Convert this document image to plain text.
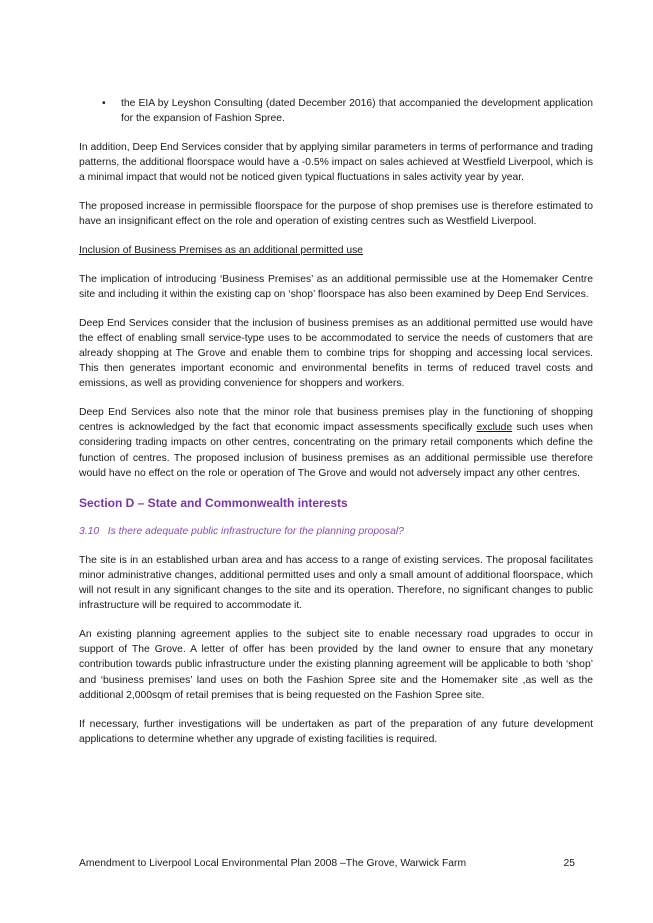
• the EIA by Leyshon Consulting (dated December 2016) that accompanied the development application for the expansion of Fashion Spree.

In addition, Deep End Services consider that by applying similar parameters in terms of performance and trading patterns, the additional floorspace would have a -0.5% impact on sales achieved at Westfield Liverpool, which is a minimal impact that would not be noticed given typical fluctuations in sales activity year by year.

The proposed increase in permissible floorspace for the purpose of shop premises use is therefore estimated to have an insignificant effect on the role and operation of existing centres such as Westfield Liverpool.

Inclusion of Business Premises as an additional permitted use

The implication of introducing ‘Business Premises’ as an additional permissible use at the Homemaker Centre site and including it within the existing cap on ‘shop’ floorspace has also been examined by Deep End Services.

Deep End Services consider that the inclusion of business premises as an additional permitted use would have the effect of enabling small service-type uses to be accommodated to service the needs of customers that are already shopping at The Grove and enable them to combine trips for shopping and accessing local services. This then generates important economic and environmental benefits in terms of reduced travel costs and emissions, as well as providing convenience for shoppers and workers.

Deep End Services also note that the minor role that business premises play in the functioning of shopping centres is acknowledged by the fact that economic impact assessments specifically exclude such uses when considering trading impacts on other centres, concentrating on the primary retail components which define the function of centres. The proposed inclusion of business premises as an additional permissible use therefore would have no effect on the role or operation of The Grove and would not adversely impact any other centres.

Section D – State and Commonwealth interests

3.10   Is there adequate public infrastructure for the planning proposal?

The site is in an established urban area and has access to a range of existing services. The proposal facilitates minor administrative changes, additional permitted uses and only a small amount of additional floorspace, which will not result in any significant changes to the site and its operation. Therefore, no significant changes to public infrastructure will be required to accommodate it.

An existing planning agreement applies to the subject site to enable necessary road upgrades to occur in support of The Grove. A letter of offer has been provided by the land owner to ensure that any monetary contribution towards public infrastructure under the existing planning agreement will be applicable to both ‘shop’ and ‘business premises’ land uses on both the Fashion Spree site and the Homemaker site ,as well as the additional 2,000sqm of retail premises that is being requested on the Fashion Spree site.

If necessary, further investigations will be undertaken as part of the preparation of any future development applications to determine whether any upgrade of existing facilities is required.

Amendment to Liverpool Local Environmental Plan 2008 –The Grove, Warwick Farm	25
